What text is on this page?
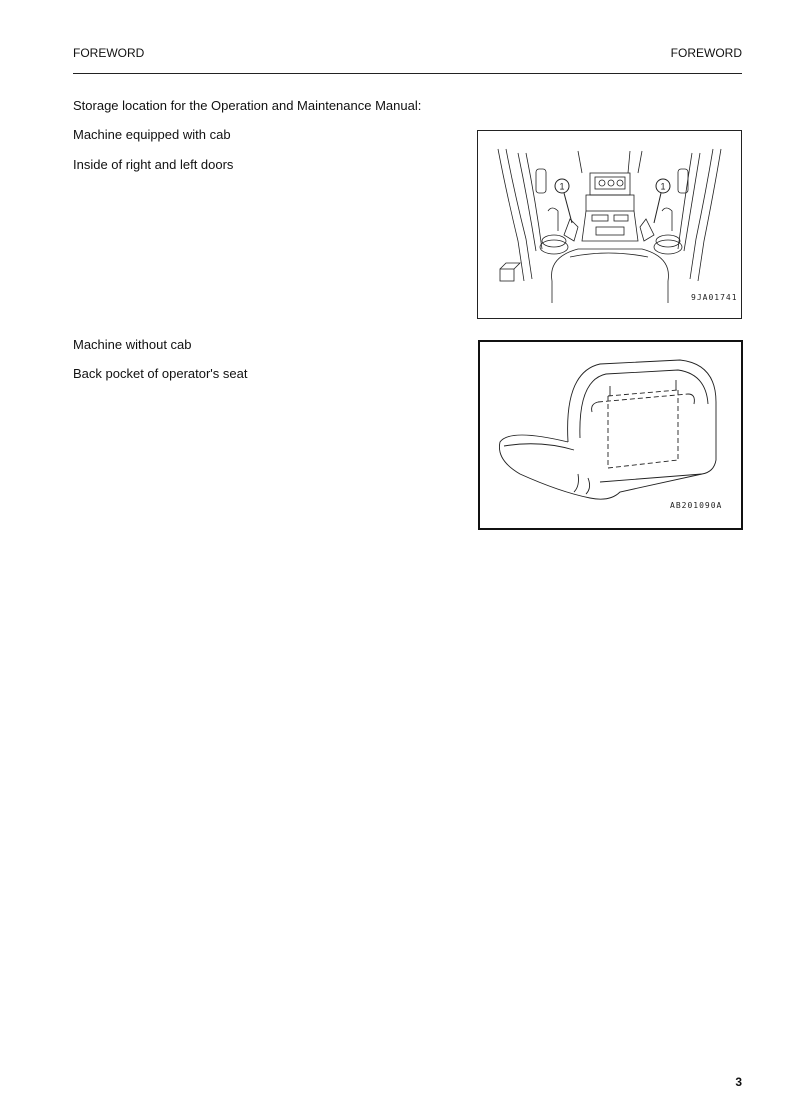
FOREWORD	FOREWORD
Storage location for the Operation and Maintenance Manual:
Machine equipped with cab
Inside of right and left doors
1	1
9JA01741
Machine without cab
Back pocket of operator's seat
AB201090A
3
